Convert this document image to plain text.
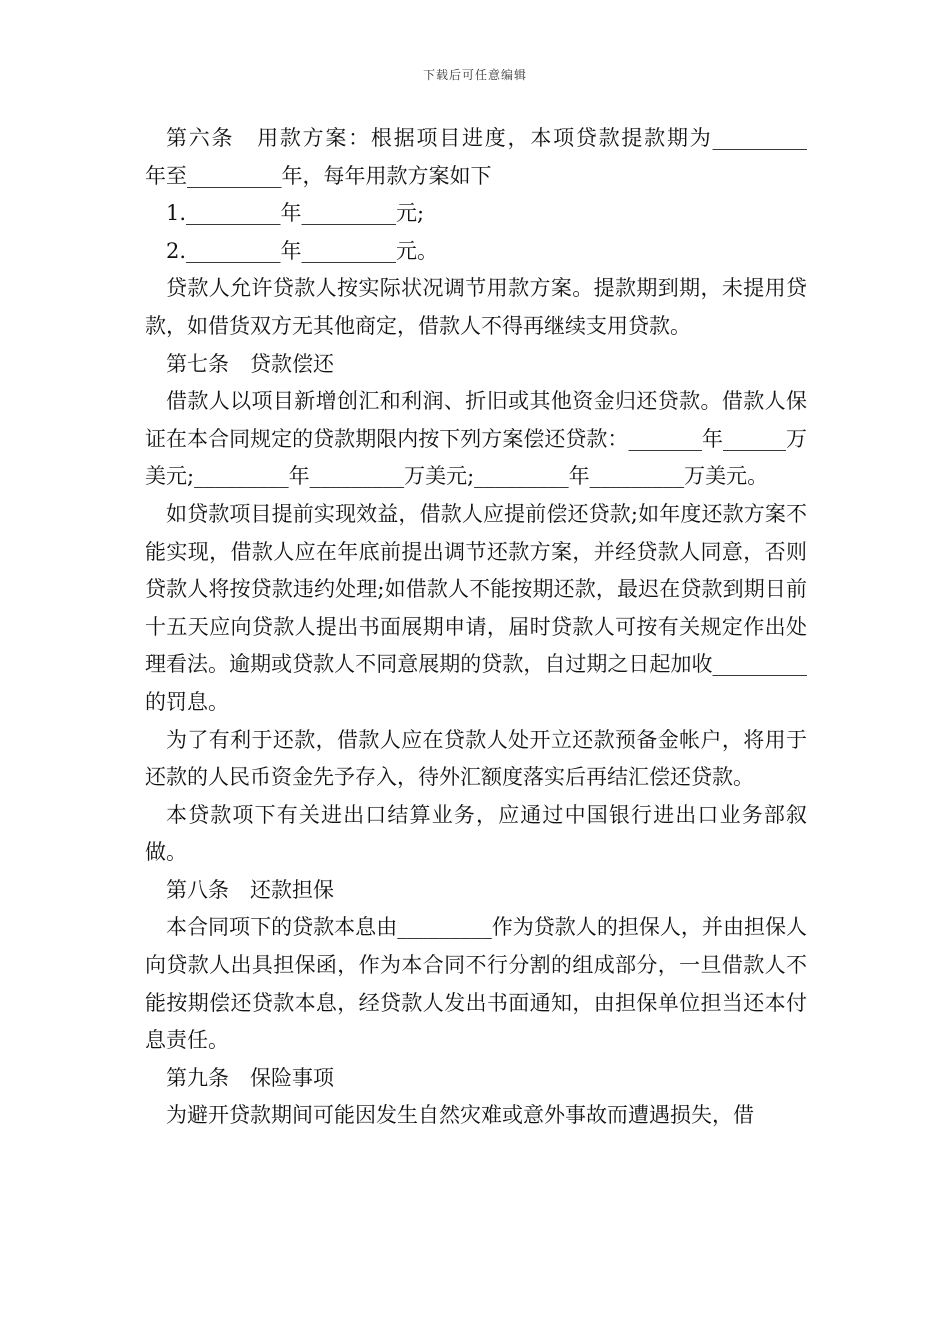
下载后可任意编辑

第六条　用款方案：根据项目进度，本项贷款提款期为_________

年至_________年，每年用款方案如下

1._________年_________元;

2._________年_________元。

贷款人允许贷款人按实际状况调节用款方案。提款期到期，未提用贷款，如借货双方无其他商定，借款人不得再继续支用贷款。

第七条　贷款偿还

借款人以项目新增创汇和利润、折旧或其他资金归还贷款。借款人保证在本合同规定的贷款期限内按下列方案偿还贷款：_______年______万美元;_________年_________万美元;_________年_________万美元。

如贷款项目提前实现效益，借款人应提前偿还贷款;如年度还款方案不能实现，借款人应在年底前提出调节还款方案，并经贷款人同意，否则贷款人将按贷款违约处理;如借款人不能按期还款，最迟在贷款到期日前十五天应向贷款人提出书面展期申请，届时贷款人可按有关规定作出处理看法。逾期或贷款人不同意展期的贷款，自过期之日起加收_________的罚息。

为了有利于还款，借款人应在贷款人处开立还款预备金帐户，将用于还款的人民币资金先予存入，待外汇额度落实后再结汇偿还贷款。

本贷款项下有关进出口结算业务，应通过中国银行进出口业务部叙做。

第八条　还款担保

本合同项下的贷款本息由_________作为贷款人的担保人，并由担保人向贷款人出具担保函，作为本合同不行分割的组成部分，一旦借款人不能按期偿还贷款本息，经贷款人发出书面通知，由担保单位担当还本付息责任。

第九条　保险事项

为避开贷款期间可能因发生自然灾难或意外事故而遭遇损失，借
